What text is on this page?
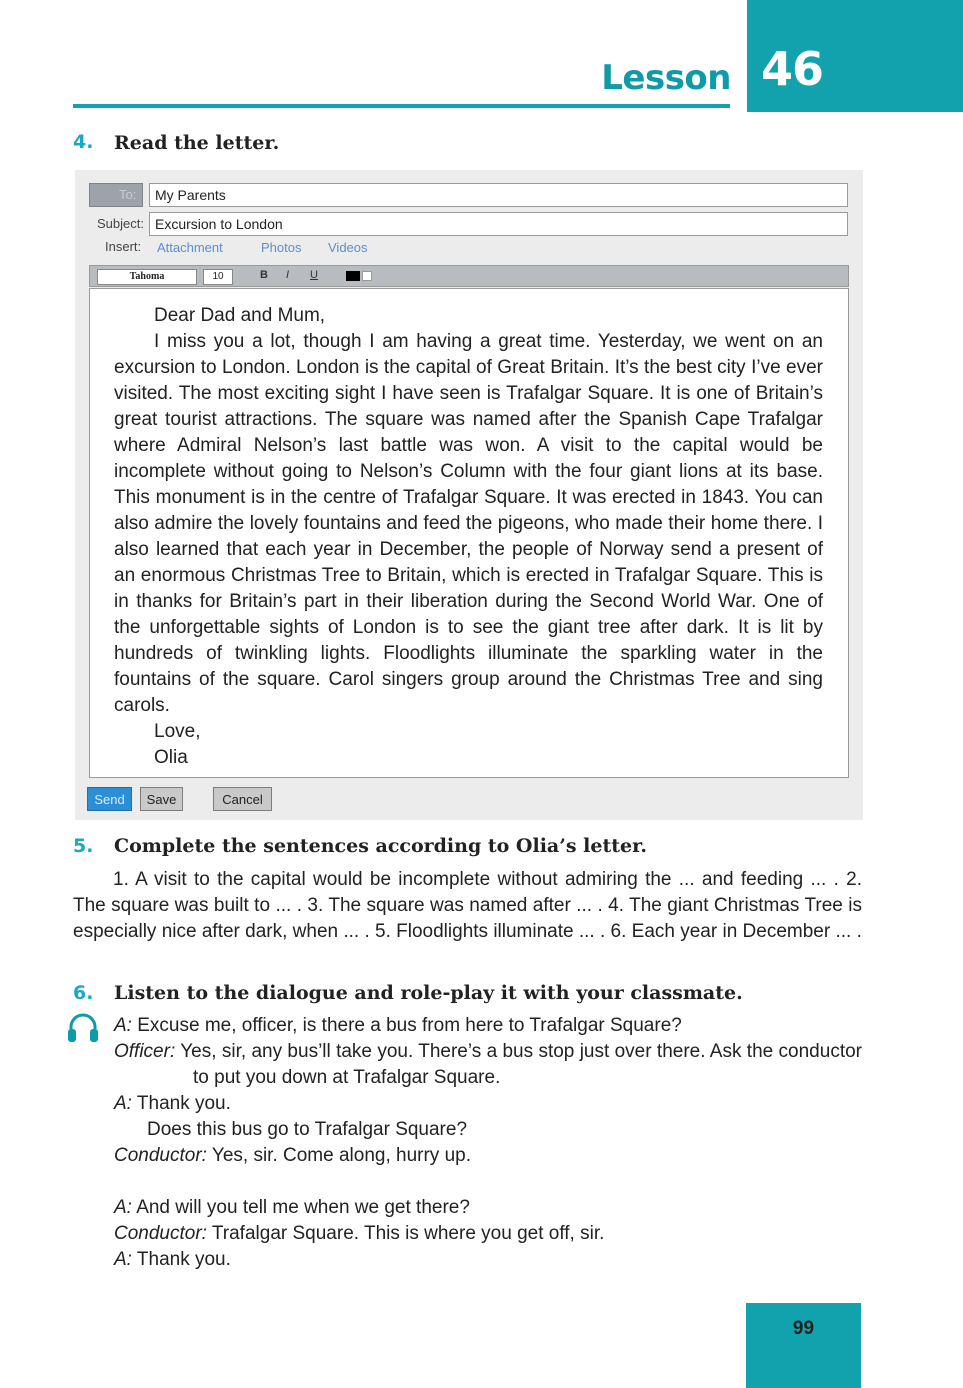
Lesson 46
4. Read the letter.
To:	My Parents
Subject: Excursion to London
Insert: Attachment	Photos Videos
Tahoma	10	B I U

Dear Dad and Mum,

I miss you a lot, though I am having a great time. Yesterday, we went on an excursion to London. London is the capital of Great Britain. It’s the best city I’ve ever visited. The most exciting sight I have seen is Trafalgar Square. It is one of Britain’s great tourist attractions. The square was named after the Spanish Cape Trafalgar where Admiral Nelson’s last battle was won. A visit to the capital would be incomplete without going to Nelson’s Column with the four giant lions at its base. This monument is in the centre of Trafalgar Square. It was erected in 1843. You can also admire the lovely fountains and feed the pigeons, who made their home there. I also learned that each year in December, the people of Norway send a present of an enormous Christmas Tree to Britain, which is erected in Trafalgar Square. This is in thanks for Britain’s part in their liberation during the Second World War. One of the unforgettable sights of London is to see the giant tree after dark. It is lit by hundreds of twinkling lights. Floodlights illuminate the sparkling water in the fountains of the square. Carol singers group around the Christmas Tree and sing carols.

Love,

Olia

Send	Save	Cancel
5. Complete the sentences according to Olia’s letter.

1. A visit to the capital would be incomplete without admiring the ... and feeding ... . 2. The square was built to ... . 3. The square was named after ... . 4. The giant Christmas Tree is especially nice after dark, when ... . 5. Floodlights illuminate ... . 6. Each year in December ... .

6. Listen to the dialogue and role-play it with your classmate.

A: Excuse me, officer, is there a bus from here to Trafalgar Square?

Officer: Yes, sir, any bus’ll take you. There’s a bus stop just over there. Ask the conductor to put you down at Trafalgar Square.

A: Thank you.

Does this bus go to Trafalgar Square?

Conductor: Yes, sir. Come along, hurry up.

A: And will you tell me when we get there?

Conductor: Trafalgar Square. This is where you get off, sir.

A: Thank you.

99
